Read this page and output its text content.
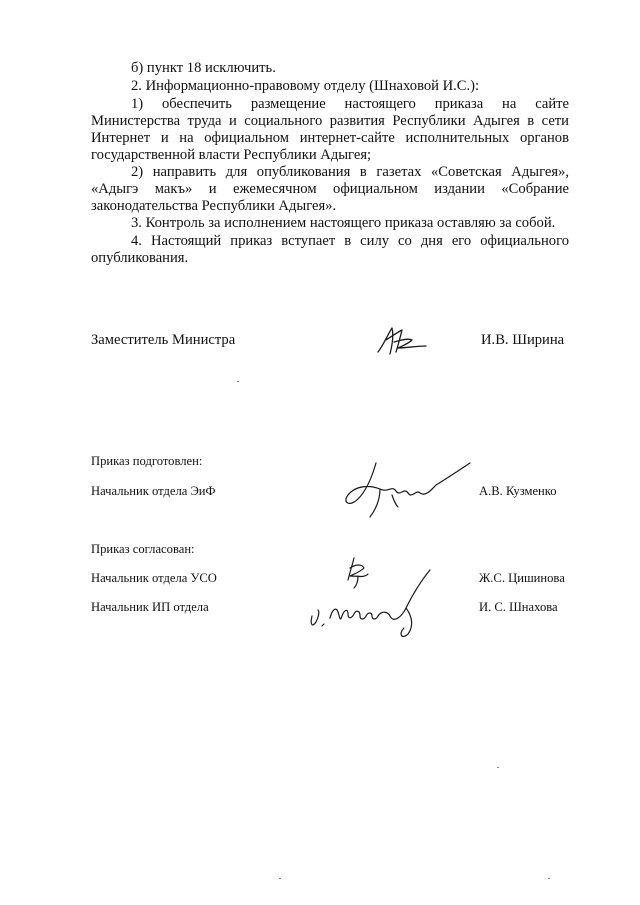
б) пункт 18 исключить.

2. Информационно-правовому отделу (Шнаховой И.С.):

1) обеспечить размещение настоящего приказа на сайте Министерства труда и социального развития Республики Адыгея в сети Интернет и на официальном интернет-сайте исполнительных органов государственной власти Республики Адыгея;

2) направить для опубликования в газетах «Советская Адыгея», «Адыгэ макъ» и ежемесячном официальном издании «Собрание законодательства Республики Адыгея».

3. Контроль за исполнением настоящего приказа оставляю за собой.

4. Настоящий приказ вступает в силу со дня его официального опубликования.

Заместитель Министра	И.В. Ширина
Приказ подготовлен:
Начальник отдела ЭиФ	А.В. Кузменко
Приказ согласован:
Начальник отдела УСО	Ж.С. Цишинова
Начальник ИП отдела	И. С. Шнахова
